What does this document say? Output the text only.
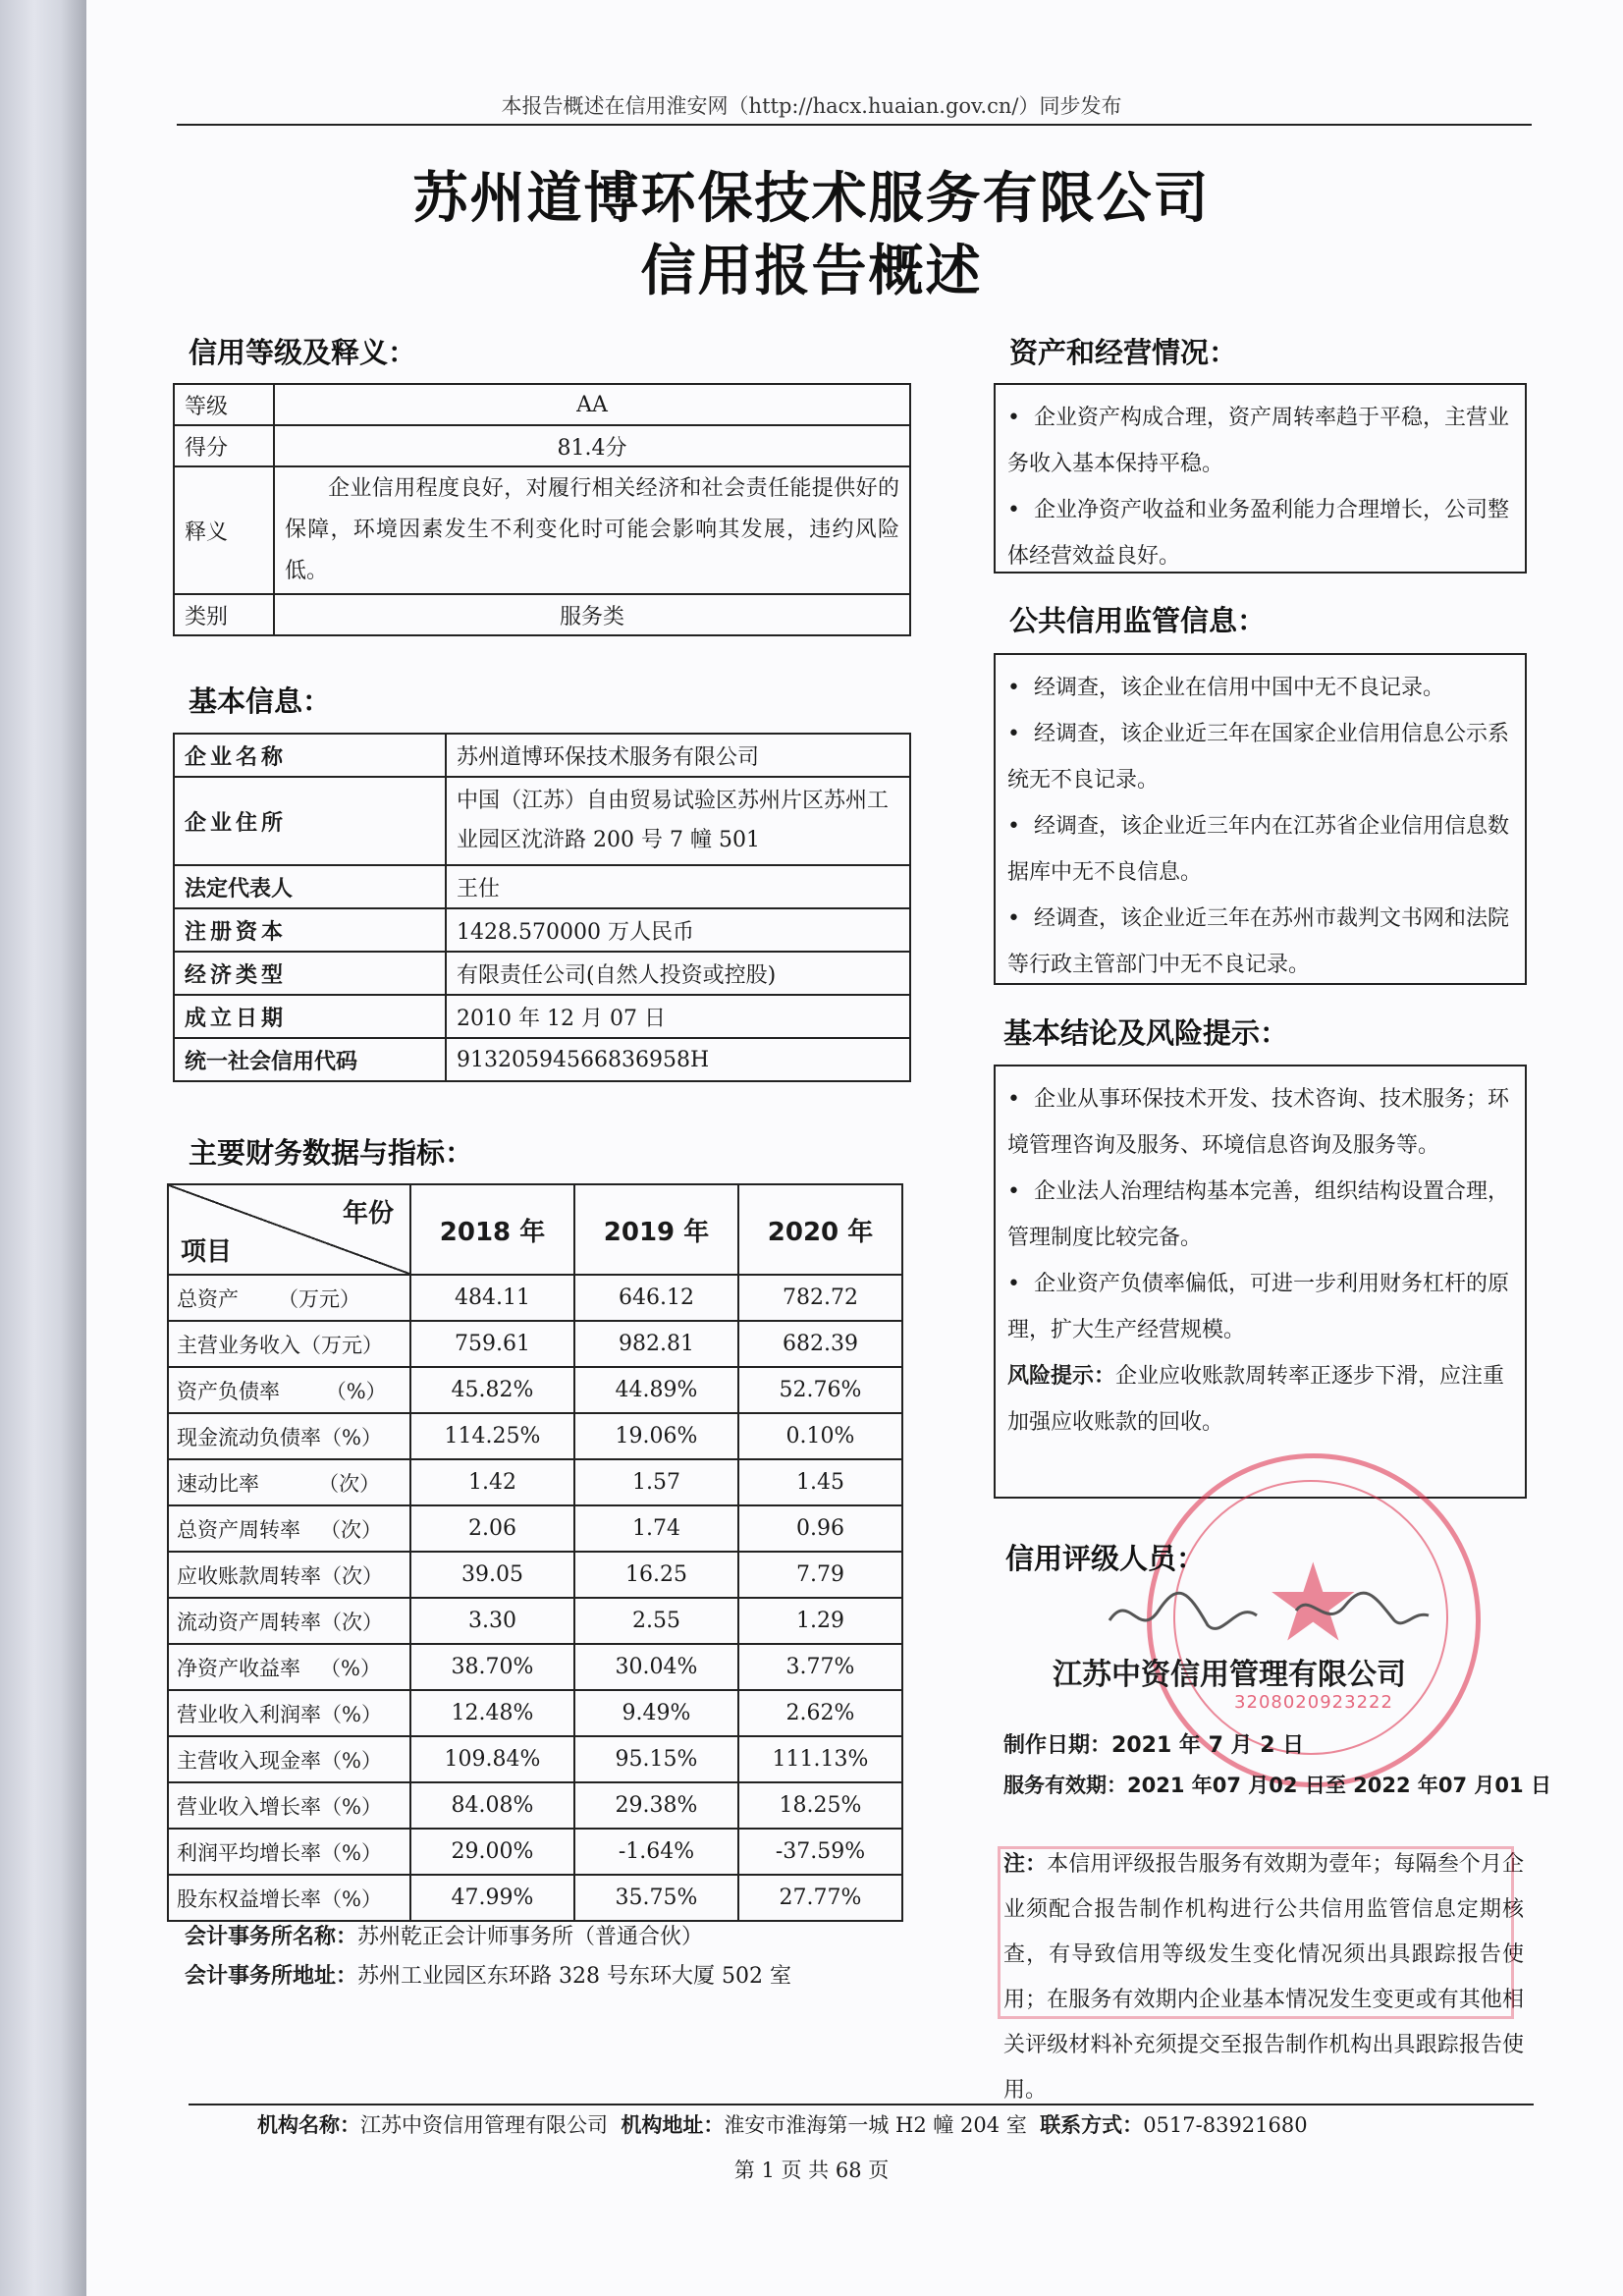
本报告概述在信用淮安网（http://hacx.huaian.gov.cn/）同步发布
苏州道博环保技术服务有限公司
信用报告概述
信用等级及释义：
等级	AA
得分	81.4分
释义	企业信用程度良好，对履行相关经济和社会责任能提供好的保障，环境因素发生不利变化时可能会影响其发展，违约风险低。
类别	服务类
基本信息：
企业名称	苏州道博环保技术服务有限公司
企业住所	中国（江苏）自由贸易试验区苏州片区苏州工业园区沈浒路 200 号 7 幢 501
法定代表人	王仕
注册资本	1428.570000 万人民币
经济类型	有限责任公司(自然人投资或控股)
成立日期	2010 年 12 月 07 日
统一社会信用代码	91320594566836958H
主要财务数据与指标：
年份
项目	2018 年	2019 年	2020 年
总资产      （万元）	484.11	646.12	782.72
主营业务收入（万元）	759.61	982.81	682.39
资产负债率       （%）	45.82%	44.89%	52.76%
现金流动负债率（%）	114.25%	19.06%	0.10%
速动比率         （次）	1.42	1.57	1.45
总资产周转率   （次）	2.06	1.74	0.96
应收账款周转率（次）	39.05	16.25	7.79
流动资产周转率（次）	3.30	2.55	1.29
净资产收益率   （%）	38.70%	30.04%	3.77%
营业收入利润率（%）	12.48%	9.49%	2.62%
主营收入现金率（%）	109.84%	95.15%	111.13%
营业收入增长率（%）	84.08%	29.38%	18.25%
利润平均增长率（%）	29.00%	-1.64%	-37.59%
股东权益增长率（%）	47.99%	35.75%	27.77%
会计事务所名称：苏州乾正会计师事务所（普通合伙）
会计事务所地址：苏州工业园区东环路 328 号东环大厦 502 室
资产和经营情况：

•  企业资产构成合理，资产周转率趋于平稳，主营业务收入基本保持平稳。

•  企业净资产收益和业务盈利能力合理增长，公司整体经营效益良好。

公共信用监管信息：

•  经调查，该企业在信用中国中无不良记录。

•  经调查，该企业近三年在国家企业信用信息公示系统无不良记录。

•  经调查，该企业近三年内在江苏省企业信用信息数据库中无不良信息。

•  经调查，该企业近三年在苏州市裁判文书网和法院等行政主管部门中无不良记录。

基本结论及风险提示：

•  企业从事环保技术开发、技术咨询、技术服务；环境管理咨询及服务、环境信息咨询及服务等。

•  企业法人治理结构基本完善，组织结构设置合理，管理制度比较完备。

•  企业资产负债率偏低，可进一步利用财务杠杆的原理，扩大生产经营规模。

风险提示：企业应收账款周转率正逐步下滑，应注重加强应收账款的回收。

★
3208020923222
信用评级人员：
江苏中资信用管理有限公司
制作日期：2021 年 7 月 2 日
服务有效期：2021 年07 月02 日至 2022 年07 月01 日
注：本信用评级报告服务有效期为壹年；每隔叁个月企业须配合报告制作机构进行公共信用监管信息定期核查，有导致信用等级发生变化情况须出具跟踪报告使用；在服务有效期内企业基本情况发生变更或有其他相关评级材料补充须提交至报告制作机构出具跟踪报告使用。
机构名称：江苏中资信用管理有限公司 机构地址：淮安市淮海第一城 H2 幢 204 室 联系方式：0517-83921680
第 1 页 共 68 页
